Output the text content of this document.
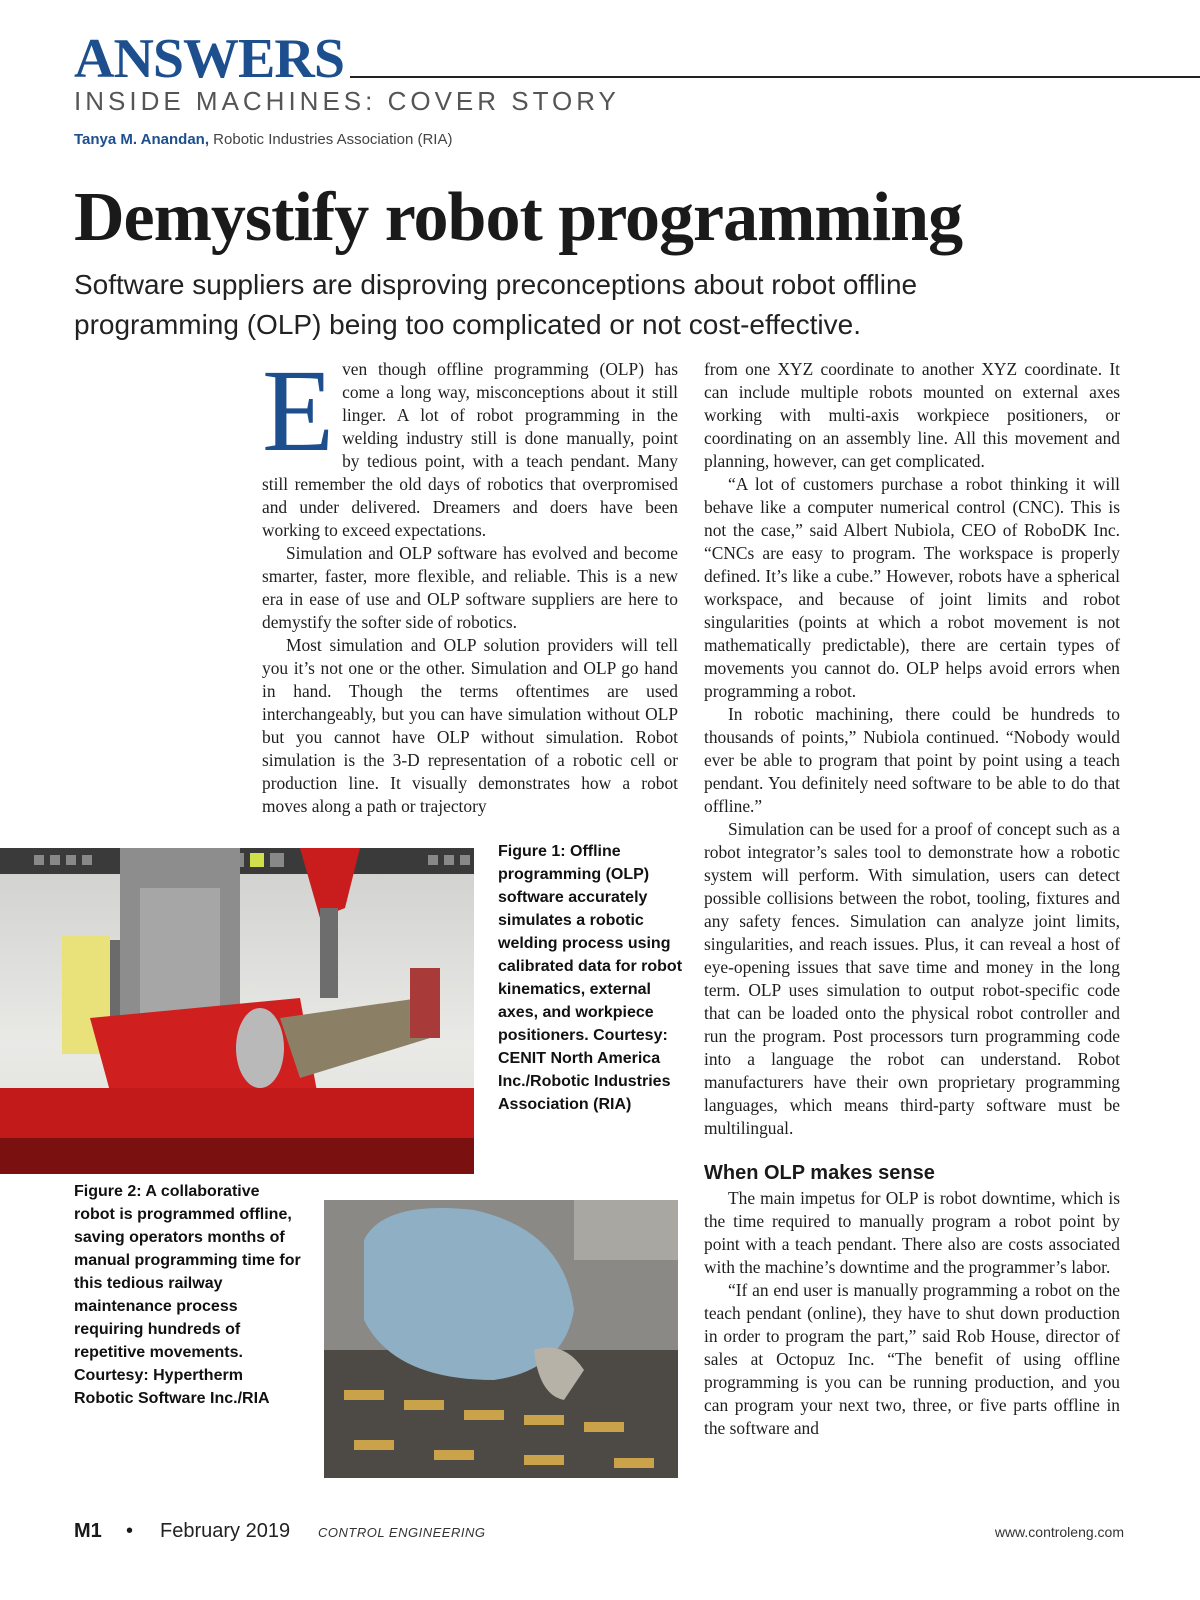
ANSWERS
INSIDE MACHINES: COVER STORY
Tanya M. Anandan, Robotic Industries Association (RIA)
Demystify robot programming
Software suppliers are disproving preconceptions about robot offline programming (OLP) being too complicated or not cost-effective.

Even though offline programming (OLP) has come a long way, misconceptions about it still linger. A lot of robot programming in the welding industry still is done manually, point by tedious point, with a teach pendant. Many still remember the old days of robotics that overpromised and under delivered. Dreamers and doers have been working to exceed expectations.

Simulation and OLP software has evolved and become smarter, faster, more flexible, and reliable. This is a new era in ease of use and OLP software suppliers are here to demystify the softer side of robotics.

Most simulation and OLP solution providers will tell you it’s not one or the other. Simulation and OLP go hand in hand. Though the terms oftentimes are used interchangeably, but you can have simulation without OLP but you cannot have OLP without simulation. Robot simulation is the 3-D representation of a robotic cell or production line. It visually demonstrates how a robot moves along a path or trajectory

from one XYZ coordinate to another XYZ coordinate. It can include multiple robots mounted on external axes working with multi-axis workpiece positioners, or coordinating on an assembly line. All this movement and planning, however, can get complicated.

“A lot of customers purchase a robot thinking it will behave like a computer numerical control (CNC). This is not the case,” said Albert Nubiola, CEO of RoboDK Inc. “CNCs are easy to program. The workspace is properly defined. It’s like a cube.” However, robots have a spherical workspace, and because of joint limits and robot singularities (points at which a robot movement is not mathematically predictable), there are certain types of movements you cannot do. OLP helps avoid errors when programming a robot.

In robotic machining, there could be hundreds to thousands of points,” Nubiola continued. “Nobody would ever be able to program that point by point using a teach pendant. You definitely need software to be able to do that offline.”

Simulation can be used for a proof of concept such as a robot integrator’s sales tool to demonstrate how a robotic system will perform. With simulation, users can detect possible collisions between the robot, tooling, fixtures and any safety fences. Simulation can analyze joint limits, singularities, and reach issues. Plus, it can reveal a host of eye-opening issues that save time and money in the long term. OLP uses simulation to output robot-specific code that can be loaded onto the physical robot controller and run the program. Post processors turn programming code into a language the robot can understand. Robot manufacturers have their own proprietary programming languages, which means third-party software must be multilingual.

When OLP makes sense

The main impetus for OLP is robot downtime, which is the time required to manually program a robot point by point with a teach pendant. There also are costs associated with the machine’s downtime and the programmer’s labor.

“If an end user is manually programming a robot on the teach pendant (online), they have to shut down production in order to program the part,” said Rob House, director of sales at Octopuz Inc. “The benefit of using offline programming is you can be running production, and you can program your next two, three, or five parts offline in the software and

Figure 1: Offline programming (OLP) software accurately simulates a robotic welding process using calibrated data for robot kinematics, external axes, and workpiece positioners. Courtesy: CENIT North America Inc./Robotic Industries Association (RIA)
Figure 2: A collaborative robot is programmed offline, saving operators months of manual programming time for this tedious railway maintenance process requiring hundreds of repetitive movements. Courtesy: Hypertherm Robotic Software Inc./RIA
M1 • February 2019 CONTROL ENGINEERING	www.controleng.com
